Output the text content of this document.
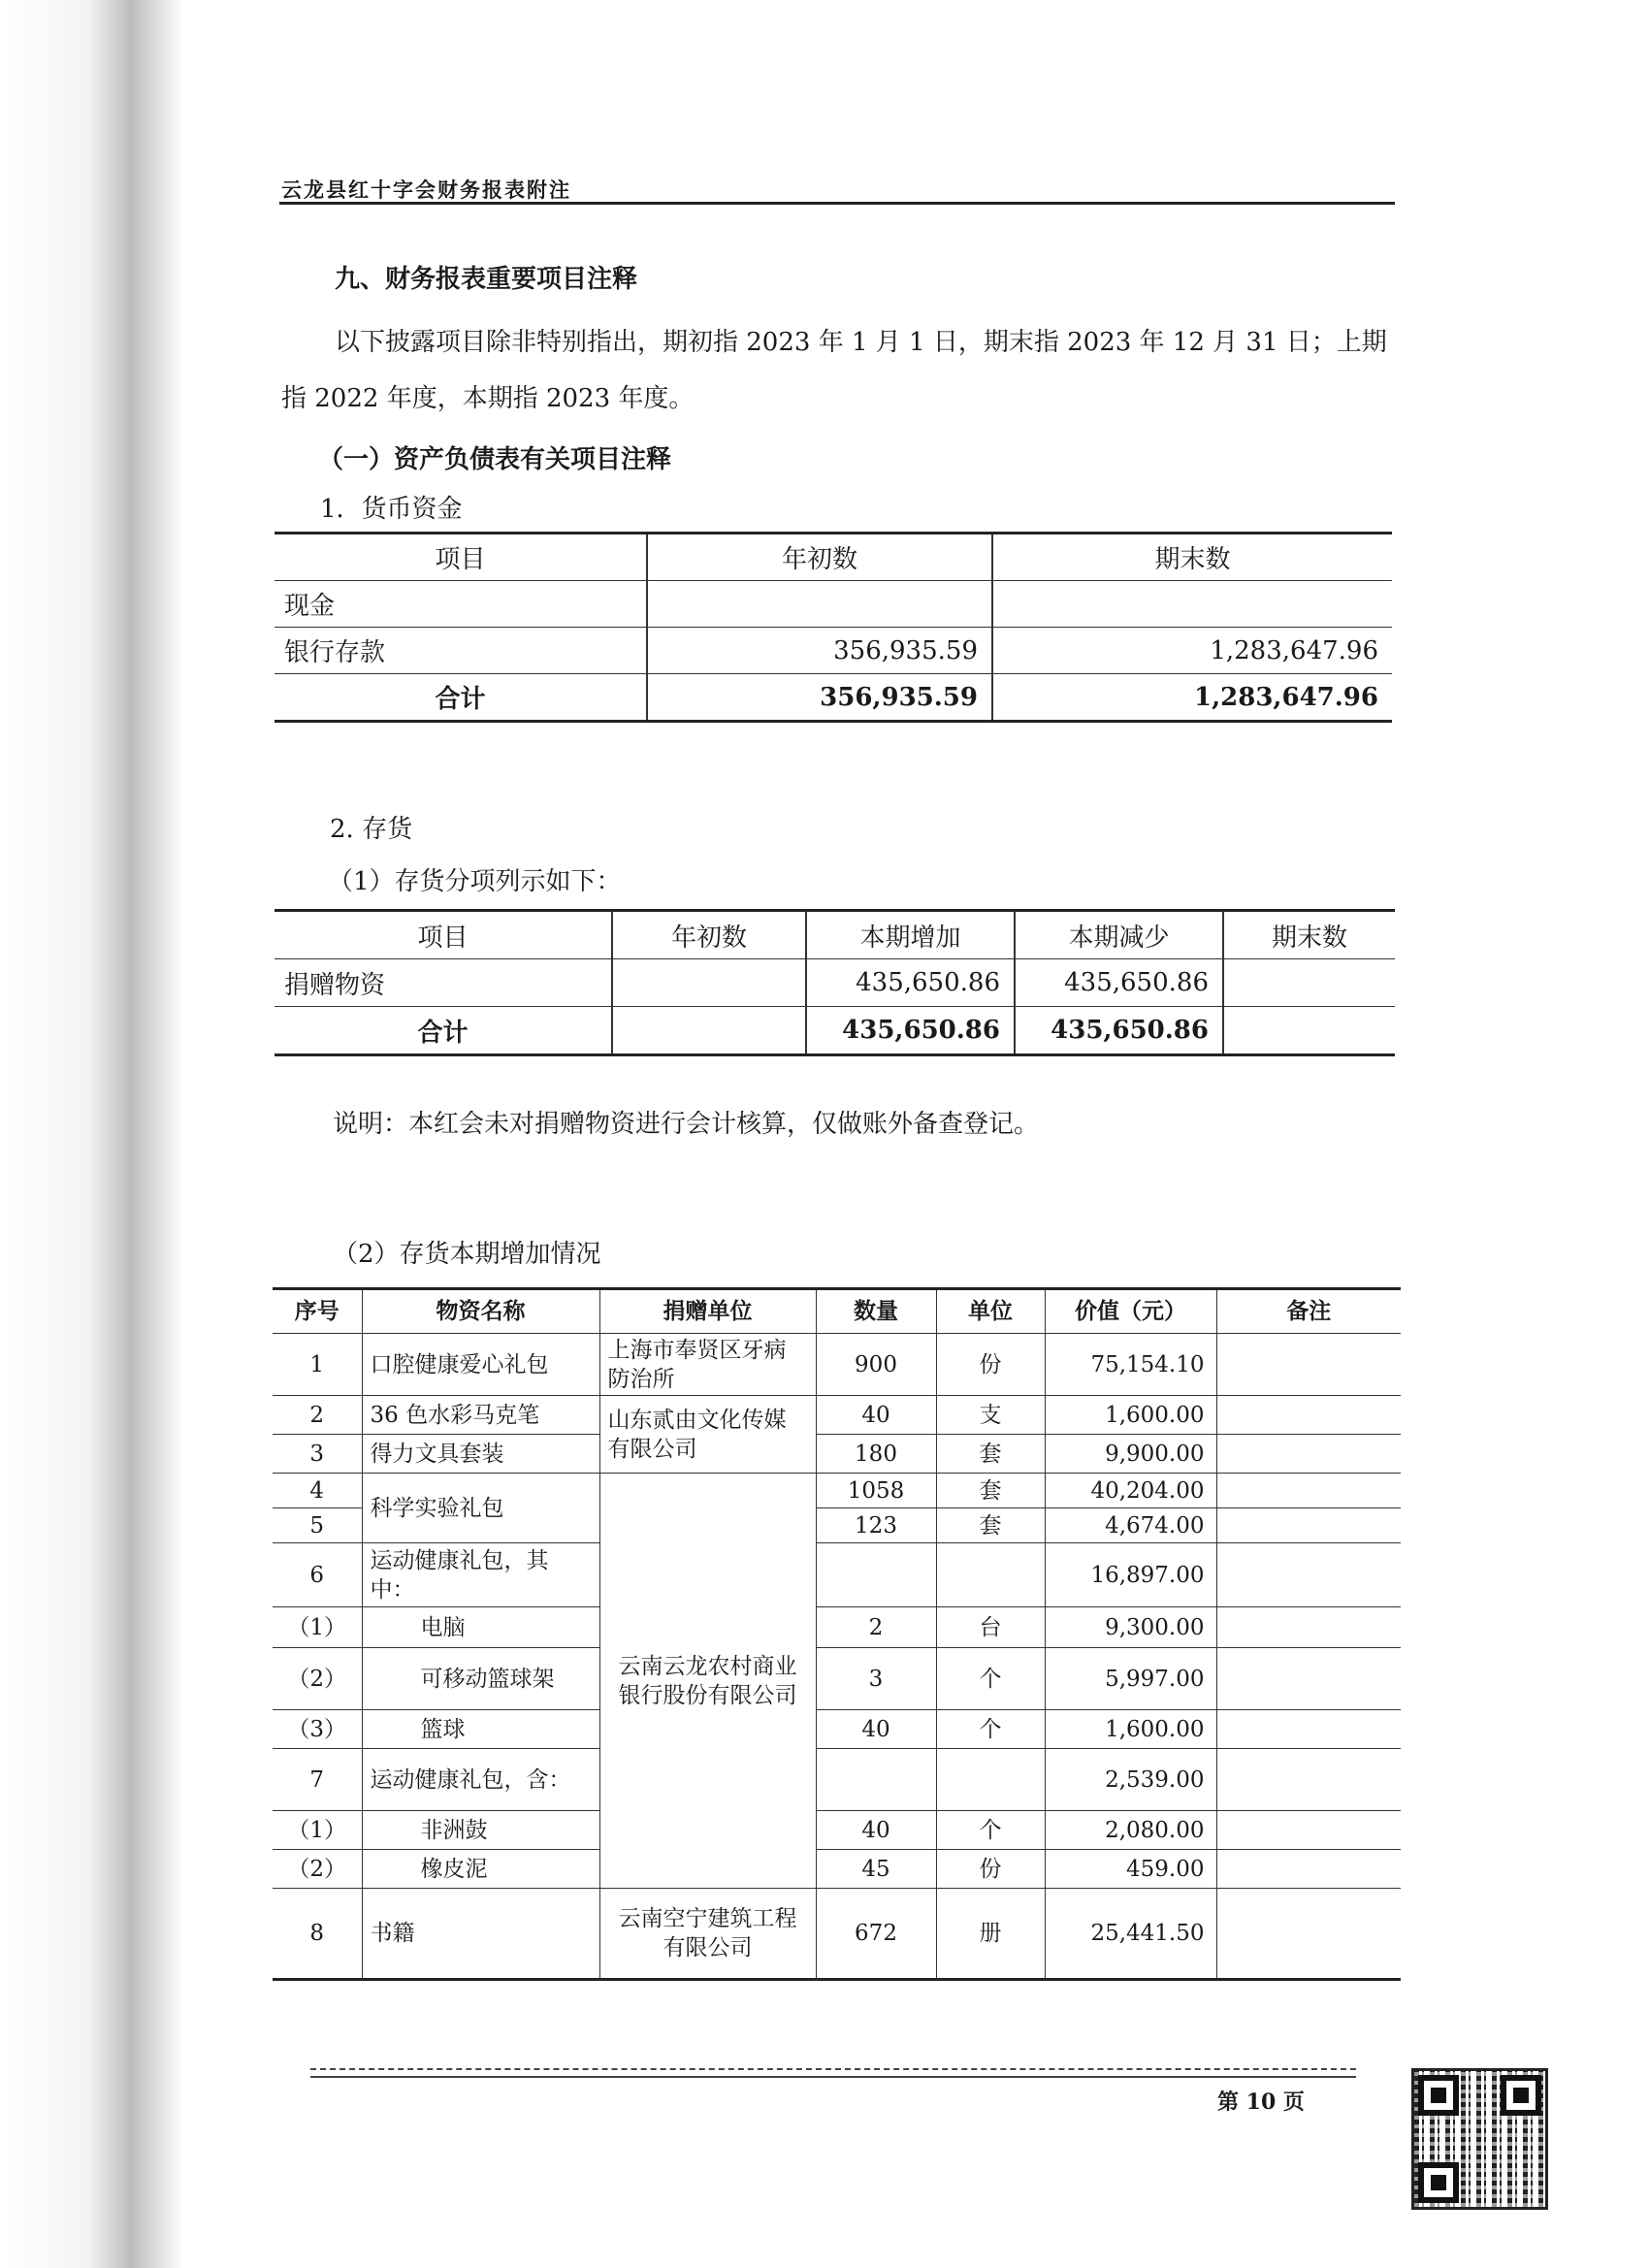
云龙县红十字会财务报表附注
九、财务报表重要项目注释
以下披露项目除非特别指出，期初指 2023 年 1 月 1 日，期末指 2023 年 12 月 31 日；上期
指 2022 年度，本期指 2023 年度。
（一）资产负债表有关项目注释
1．货币资金
项目	年初数	期末数
现金		
银行存款	356,935.59	1,283,647.96
合计	356,935.59	1,283,647.96
2. 存货
（1）存货分项列示如下：
项目	年初数	本期增加	本期减少	期末数
捐赠物资		435,650.86	435,650.86	
合计		435,650.86	435,650.86	
说明：本红会未对捐赠物资进行会计核算，仅做账外备查登记。
（2）存货本期增加情况
序号	物资名称	捐赠单位	数量	单位	价值（元）	备注
1	口腔健康爱心礼包	上海市奉贤区牙病防治所	900	份	75,154.10	
2	36 色水彩马克笔	山东贰由文化传媒有限公司	40	支	1,600.00	
3	得力文具套装		180	套	9,900.00	
4	科学实验礼包	云南云龙农村商业银行股份有限公司	1058	套	40,204.00	
5			123	套	4,674.00	
6	运动健康礼包，其中：				16,897.00	
（1）	电脑		2	台	9,300.00	
（2）	可移动篮球架		3	个	5,997.00	
（3）	篮球		40	个	1,600.00	
7	运动健康礼包，含：				2,539.00	
（1）	非洲鼓		40	个	2,080.00	
（2）	橡皮泥		45	份	459.00	
8	书籍	云南空宁建筑工程有限公司	672	册	25,441.50	
第 10 页
